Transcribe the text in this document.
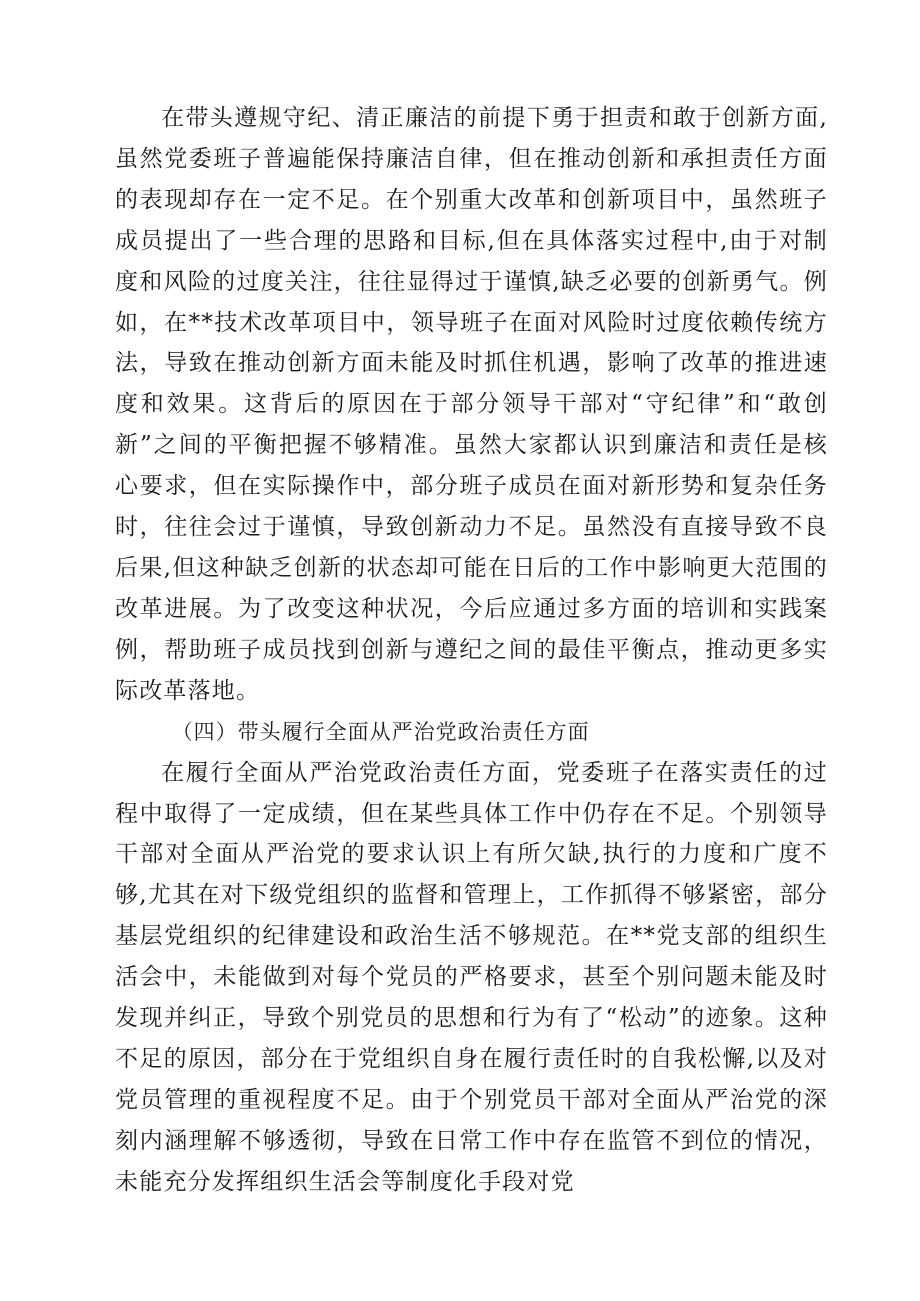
在带头遵规守纪、清正廉洁的前提下勇于担责和敢于创新方面,虽然党委班子普遍能保持廉洁自律，但在推动创新和承担责任方面的表现却存在一定不足。在个别重大改革和创新项目中，虽然班子成员提出了一些合理的思路和目标,但在具体落实过程中,由于对制度和风险的过度关注，往往显得过于谨慎,缺乏必要的创新勇气。例如，在**技术改革项目中，领导班子在面对风险时过度依赖传统方法，导致在推动创新方面未能及时抓住机遇，影响了改革的推进速度和效果。这背后的原因在于部分领导干部对“守纪律”和“敢创新”之间的平衡把握不够精准。虽然大家都认识到廉洁和责任是核心要求，但在实际操作中，部分班子成员在面对新形势和复杂任务时，往往会过于谨慎，导致创新动力不足。虽然没有直接导致不良后果,但这种缺乏创新的状态却可能在日后的工作中影响更大范围的改革进展。为了改变这种状况，今后应通过多方面的培训和实践案例，帮助班子成员找到创新与遵纪之间的最佳平衡点，推动更多实际改革落地。

（四）带头履行全面从严治党政治责任方面

在履行全面从严治党政治责任方面，党委班子在落实责任的过程中取得了一定成绩，但在某些具体工作中仍存在不足。个别领导干部对全面从严治党的要求认识上有所欠缺,执行的力度和广度不够,尤其在对下级党组织的监督和管理上，工作抓得不够紧密，部分基层党组织的纪律建设和政治生活不够规范。在**党支部的组织生活会中，未能做到对每个党员的严格要求，甚至个别问题未能及时发现并纠正，导致个别党员的思想和行为有了“松动”的迹象。这种不足的原因，部分在于党组织自身在履行责任时的自我松懈,以及对党员管理的重视程度不足。由于个别党员干部对全面从严治党的深刻内涵理解不够透彻，导致在日常工作中存在监管不到位的情况，未能充分发挥组织生活会等制度化手段对党
